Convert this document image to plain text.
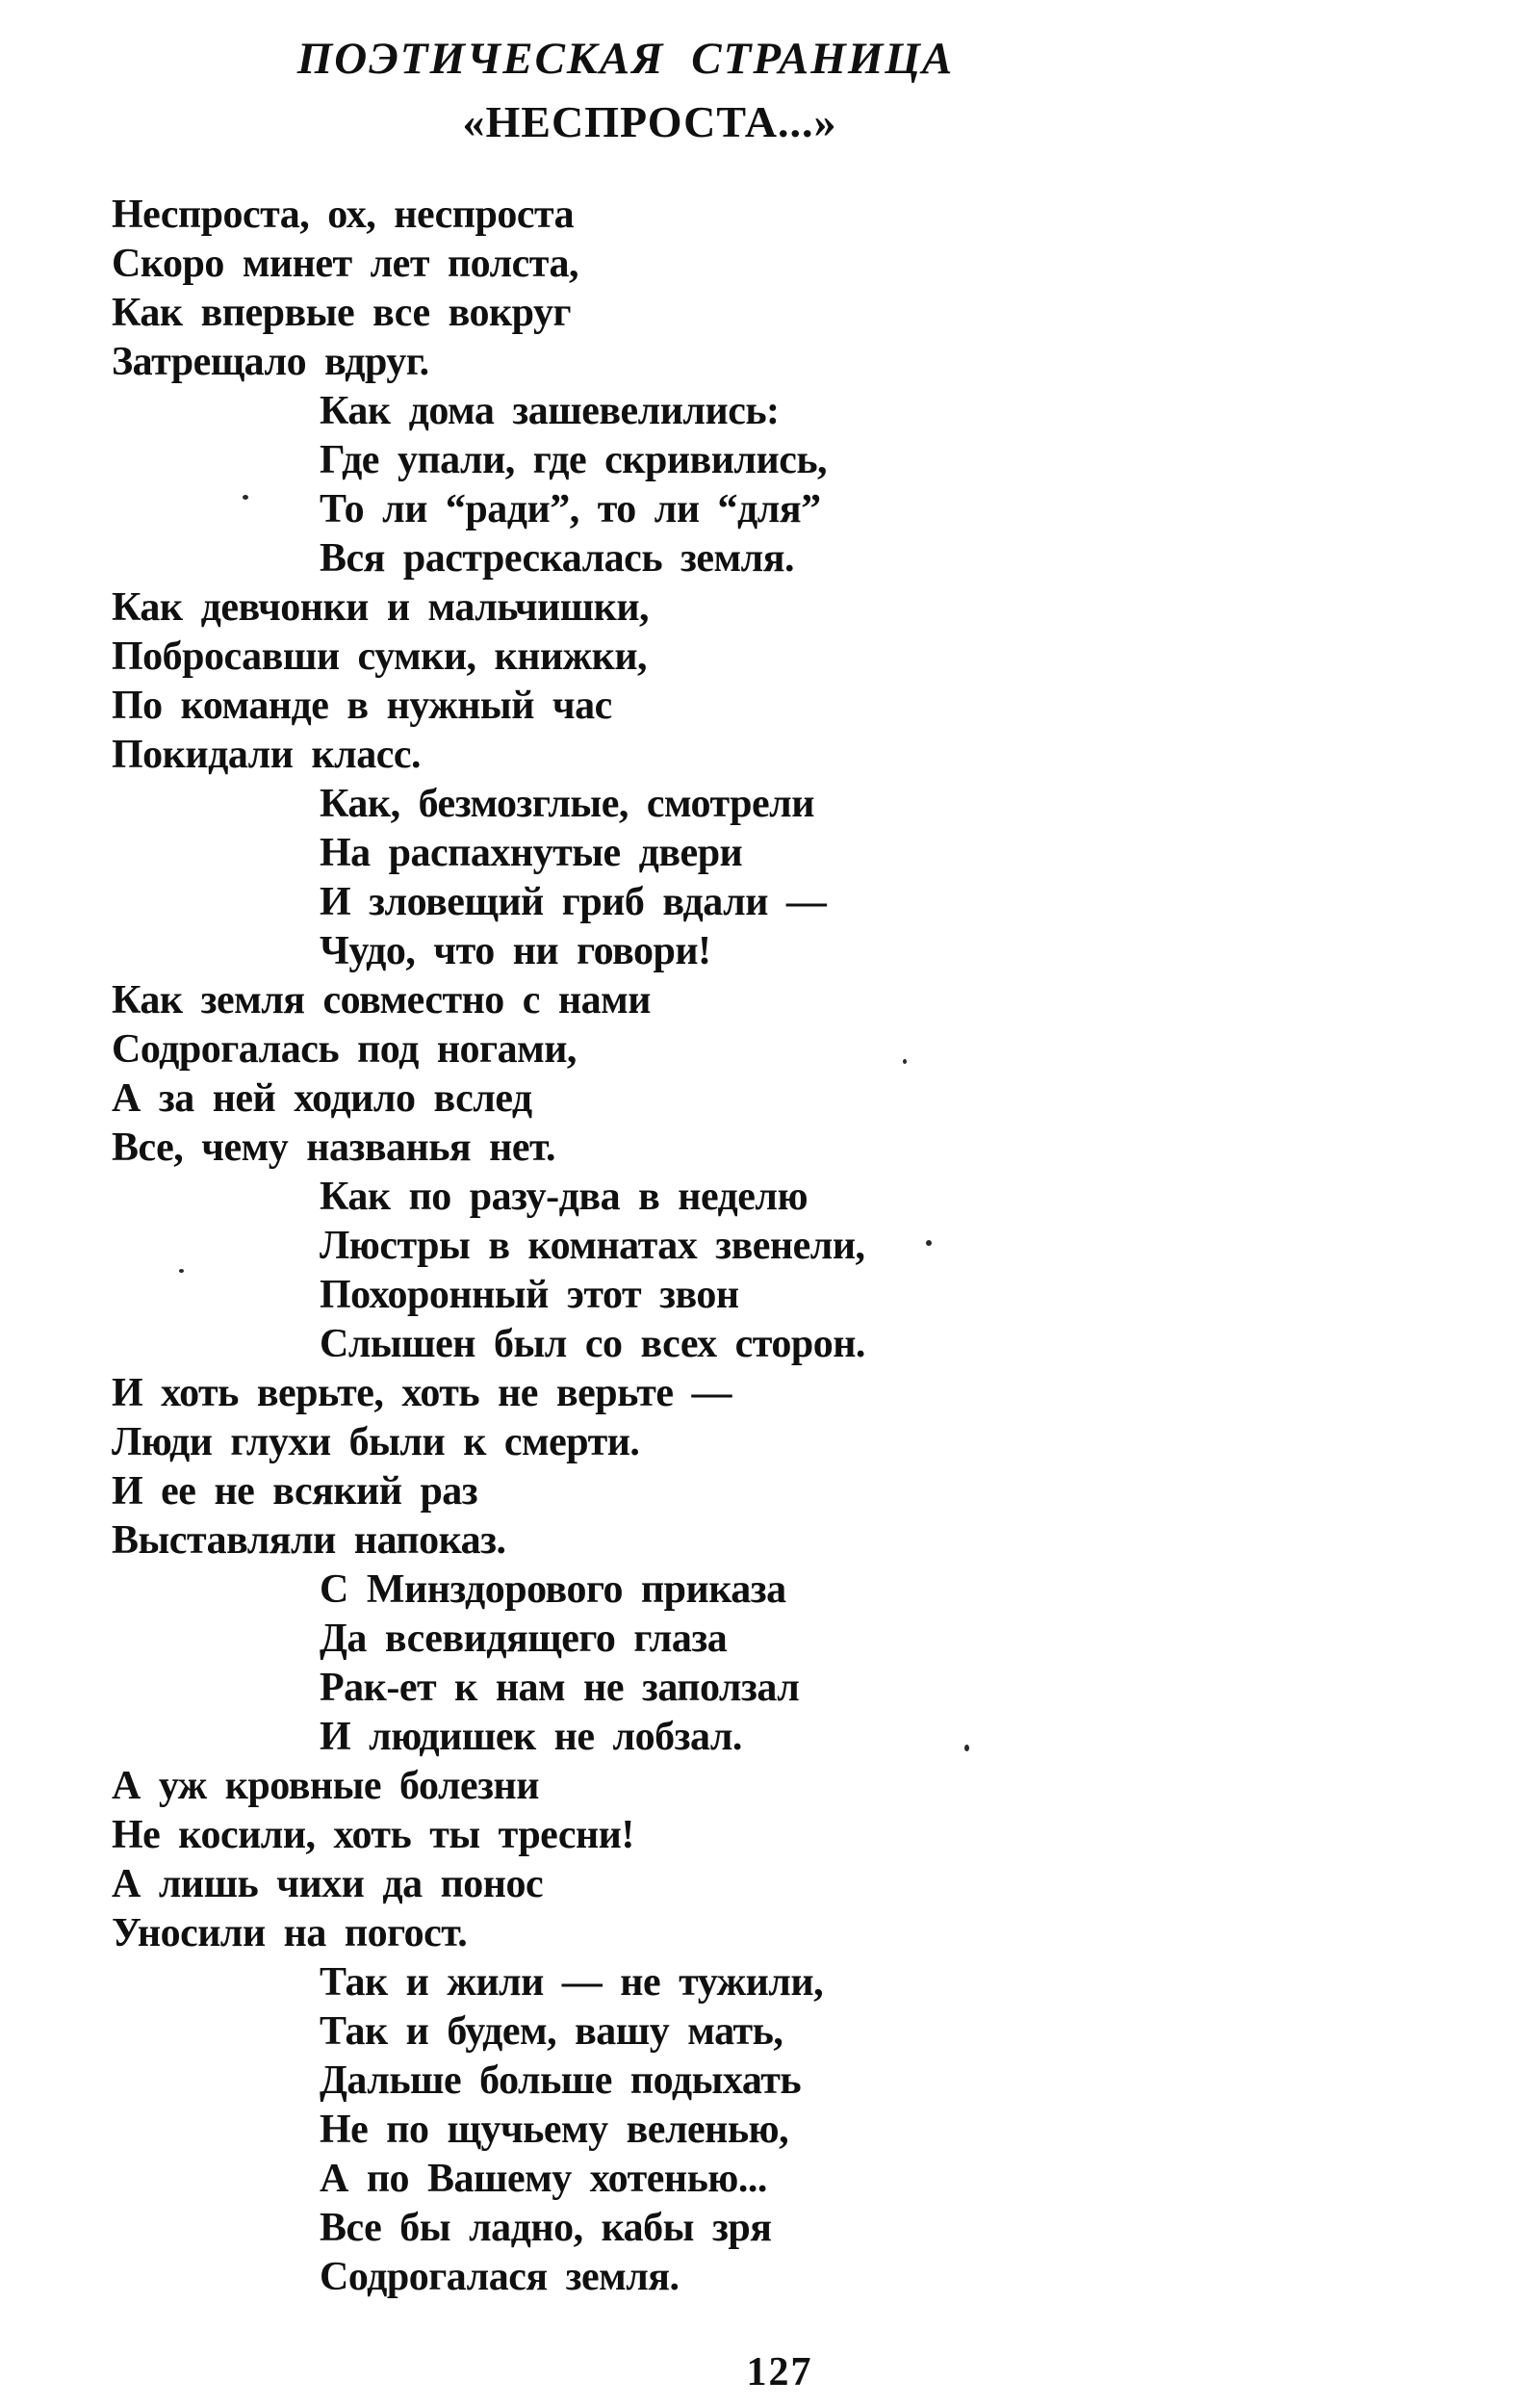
ПОЭТИЧЕСКАЯ СТРАНИЦА
«НЕСПРОСТА...»
Неспроста, ох, неспроста
Скоро минет лет полста,
Как впервые все вокруг
Затрещало вдруг.
Как дома зашевелились:
Где упали, где скривились,
То ли “ради”, то ли “для”
Вся растрескалась земля.
Как девчонки и мальчишки,
Побросавши сумки, книжки,
По команде в нужный час
Покидали класс.
Как, безмозглые, смотрели
На распахнутые двери
И зловещий гриб вдали —
Чудо, что ни говори!
Как земля совместно с нами
Содрогалась под ногами,
А за ней ходило вслед
Все, чему названья нет.
Как по разу-два в неделю
Люстры в комнатах звенели,
Похоронный этот звон
Слышен был со всех сторон.
И хоть верьте, хоть не верьте —
Люди глухи были к смерти.
И ее не всякий раз
Выставляли напоказ.
С Минздорового приказа
Да всевидящего глаза
Рак-ет к нам не заползал
И людишек не лобзал.
А уж кровные болезни
Не косили, хоть ты тресни!
А лишь чихи да понос
Уносили на погост.
Так и жили — не тужили,
Так и будем, вашу мать,
Дальше больше подыхать
Не по щучьему веленью,
А по Вашему хотенью...
Все бы ладно, кабы зря
Содрогалася земля.
127
